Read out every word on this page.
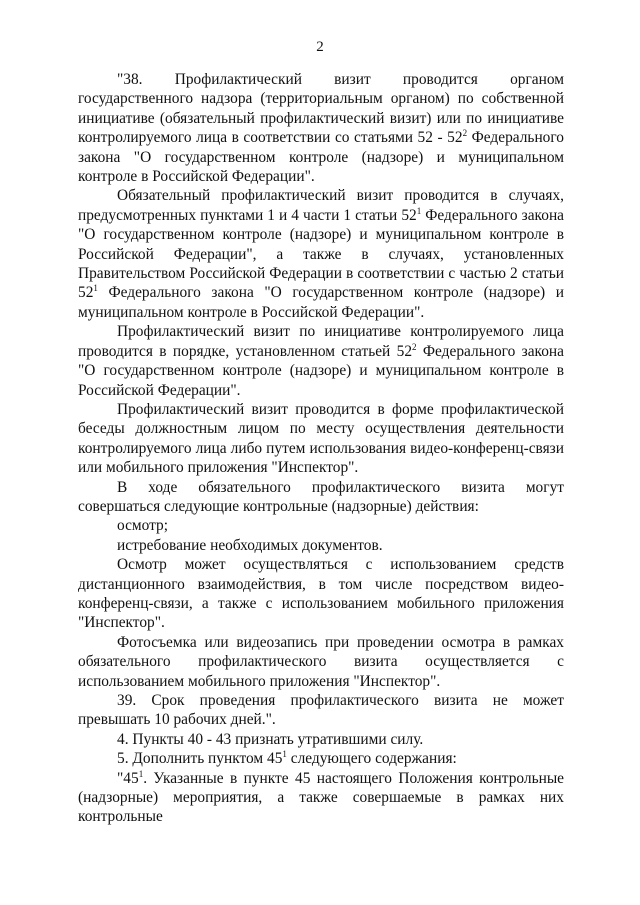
2

"38. Профилактический визит проводится органом государственного надзора (территориальным органом) по собственной инициативе (обязательный профилактический визит) или по инициативе контролируемого лица в соответствии со статьями $52 - 52^2$ Федерального закона "О государственном контроле (надзоре) и муниципальном контроле в Российской Федерации".

Обязательный профилактический визит проводится в случаях, предусмотренных пунктами 1 и 4 части 1 статьи $52^1$ Федерального закона "О государственном контроле (надзоре) и муниципальном контроле в Российской Федерации", а также в случаях, установленных Правительством Российской Федерации в соответствии с частью 2 статьи $52^1$ Федерального закона "О государственном контроле (надзоре) и муниципальном контроле в Российской Федерации".

Профилактический визит по инициативе контролируемого лица проводится в порядке, установленном статьей $52^2$ Федерального закона "О государственном контроле (надзоре) и муниципальном контроле в Российской Федерации".

Профилактический визит проводится в форме профилактической беседы должностным лицом по месту осуществления деятельности контролируемого лица либо путем использования видео-конференц-связи или мобильного приложения "Инспектор".

В ходе обязательного профилактического визита могут совершаться следующие контрольные (надзорные) действия:

осмотр;

истребование необходимых документов.

Осмотр может осуществляться с использованием средств дистанционного взаимодействия, в том числе посредством видео-конференц-связи, а также с использованием мобильного приложения "Инспектор".

Фотосъемка или видеозапись при проведении осмотра в рамках обязательного профилактического визита осуществляется с использованием мобильного приложения "Инспектор".

39. Срок проведения профилактического визита не может превышать 10 рабочих дней.".

4. Пункты 40 - 43 признать утратившими силу.

5. Дополнить пунктом $45^1$ следующего содержания:

"$45^1$. Указанные в пункте 45 настоящего Положения контрольные (надзорные) мероприятия, а также совершаемые в рамках них контрольные
